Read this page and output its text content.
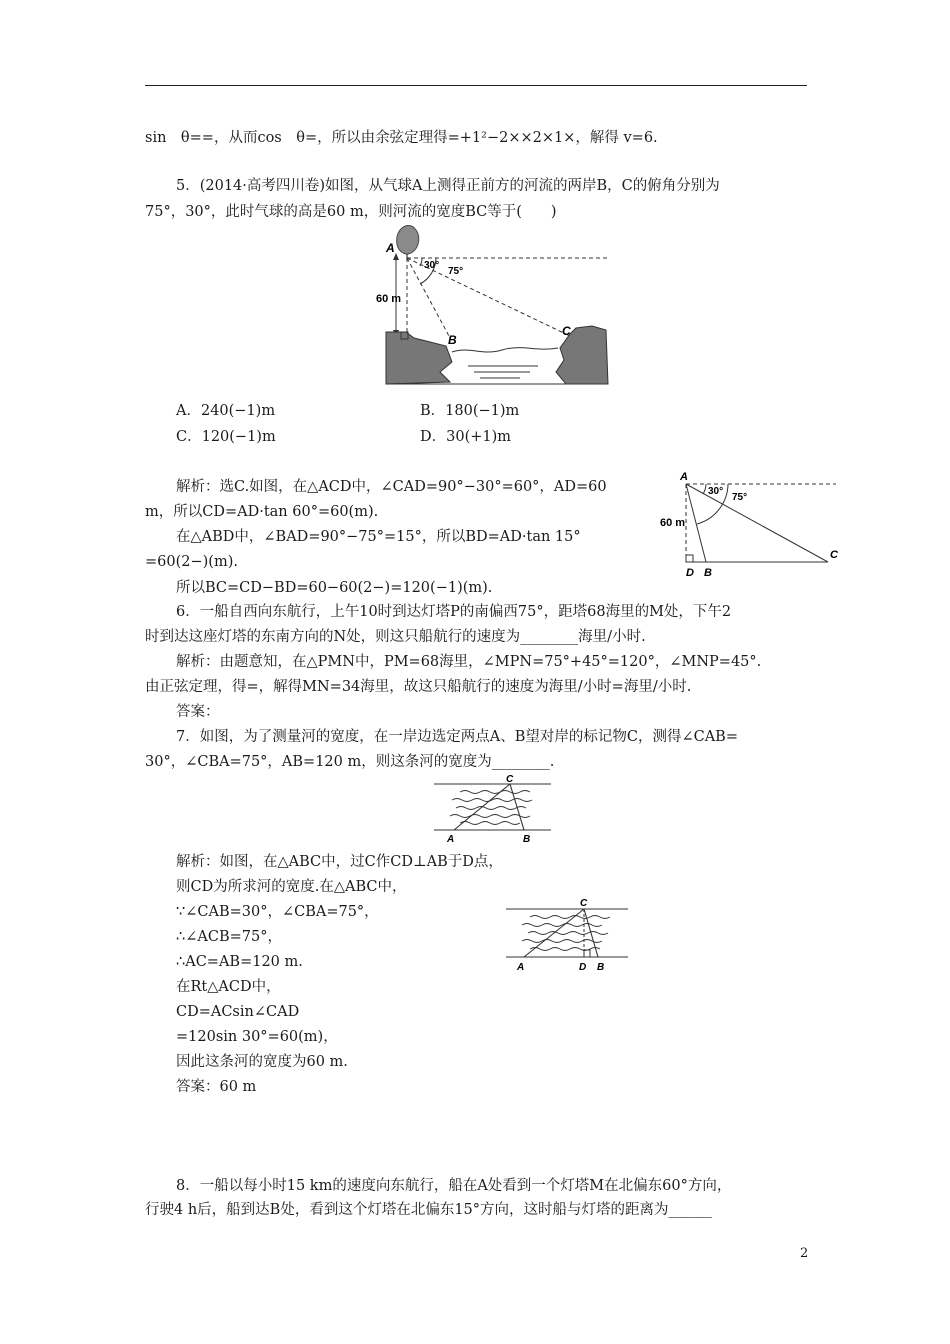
sin　θ==，从而cos　θ=，所以由余弦定理得=+1²−2××2×1×，解得 v=6.
5．(2014·高考四川卷)如图，从气球A上测得正前方的河流的两岸B，C的俯角分别为
75°，30°，此时气球的高是60 m，则河流的宽度BC等于(　　)
A
B
C
60 m
30°
75°
A．240(−1)m	B．180(−1)m
C．120(−1)m	D．30(+1)m
解析：选C.如图，在△ACD中，∠CAD=90°−30°=60°，AD=60
m，所以CD=AD·tan 60°=60(m).
在△ABD中，∠BAD=90°−75°=15°，所以BD=AD·tan 15°
=60(2−)(m).
所以BC=CD−BD=60−60(2−)=120(−1)(m).
A
D B
C
60 m
30°
75°
6．一船自西向东航行，上午10时到达灯塔P的南偏西75°，距塔68海里的M处，下午2
时到达这座灯塔的东南方向的N处，则这只船航行的速度为________海里/小时.
解析：由题意知，在△PMN中，PM=68海里，∠MPN=75°+45°=120°，∠MNP=45°.
由正弦定理，得=，解得MN=34海里，故这只船航行的速度为海里/小时=海里/小时.
答案：
7．如图，为了测量河的宽度，在一岸边选定两点A、B望对岸的标记物C，测得∠CAB=
30°，∠CBA=75°，AB=120 m，则这条河的宽度为________.
C
A	B
解析：如图，在△ABC中，过C作CD⊥AB于D点，
则CD为所求河的宽度.在△ABC中，
∵∠CAB=30°，∠CBA=75°，
∴∠ACB=75°，
∴AC=AB=120 m.
在Rt△ACD中，
CD=ACsin∠CAD
=120sin 30°=60(m)，
因此这条河的宽度为60 m.
答案：60 m
C
A	D B
8．一船以每小时15 km的速度向东航行，船在A处看到一个灯塔M在北偏东60°方向，
行驶4 h后，船到达B处，看到这个灯塔在北偏东15°方向，这时船与灯塔的距离为______
2
